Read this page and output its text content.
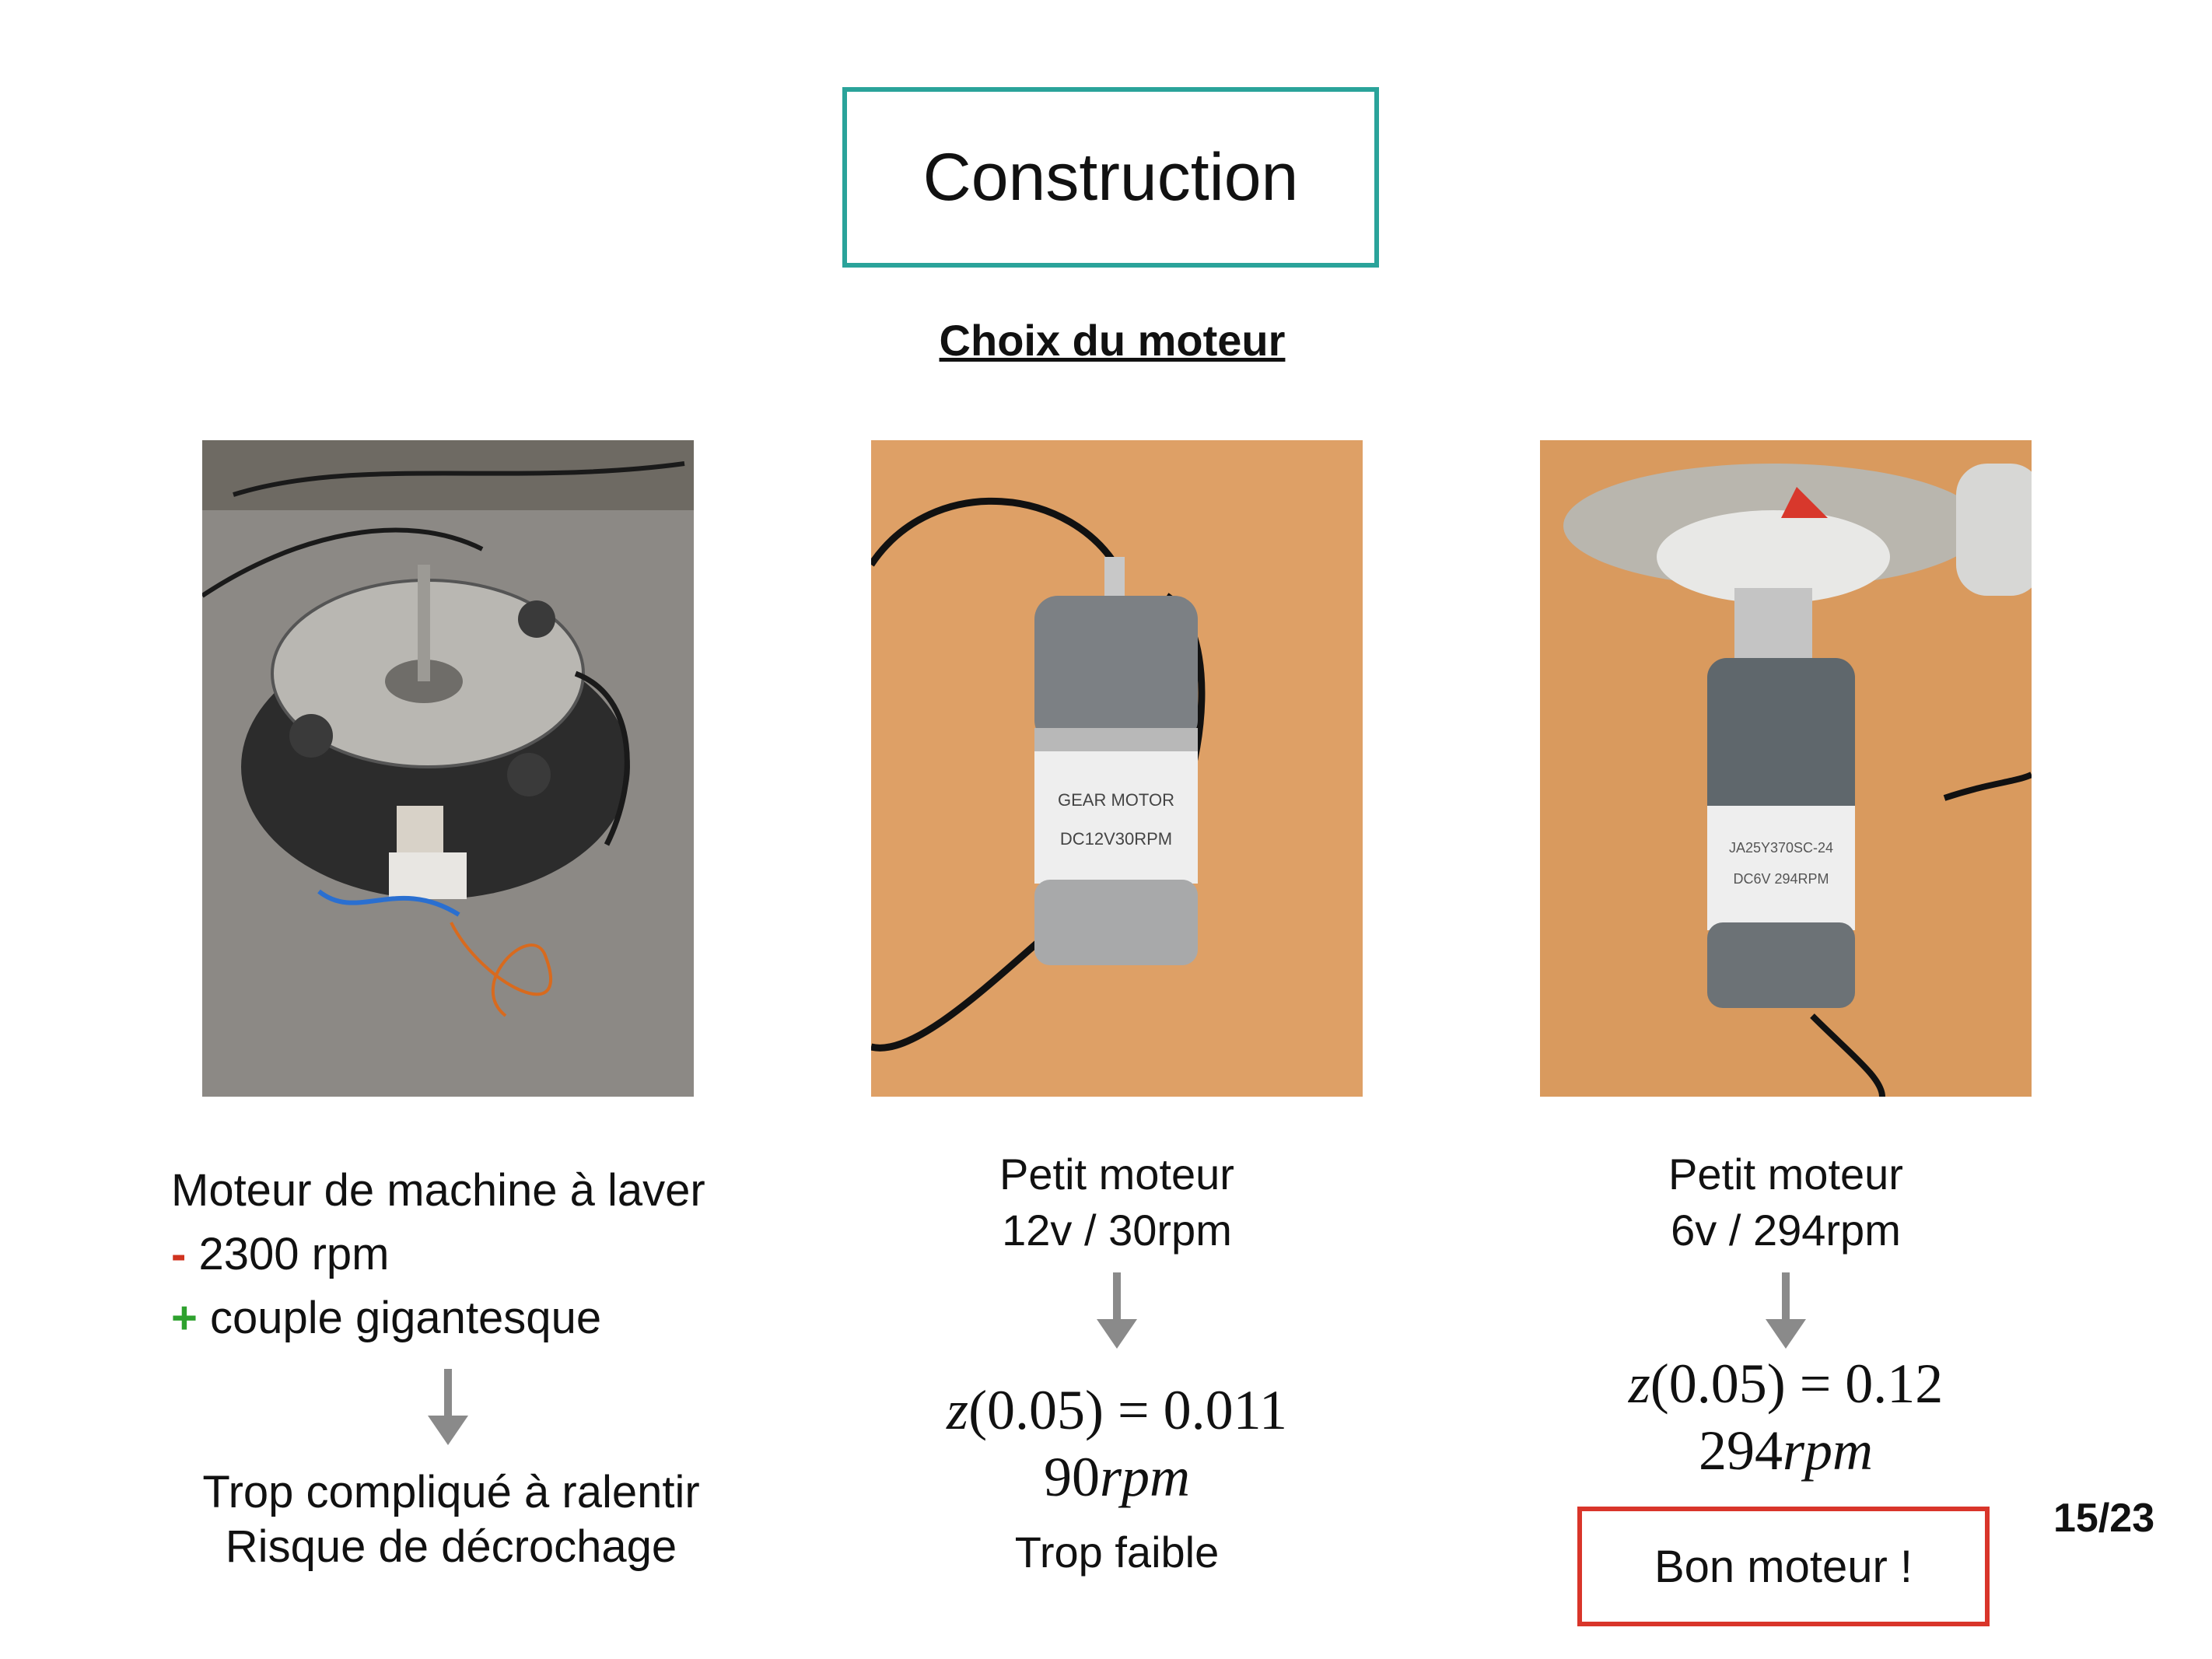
Construction
Choix du moteur
GEAR MOTOR
DC12V30RPM	JA25Y370SC-24
DC6V 294RPM
Moteur de machine à laver
- 2300 rpm
+ couple gigantesque
Trop compliqué à ralentir
Risque de décrochage
Petit moteur
12v / 30rpm
z(0.05) = 0.011
90rpm
Trop faible
Petit moteur
6v / 294rpm
z(0.05) = 0.12
294rpm
Bon moteur !
15/23
